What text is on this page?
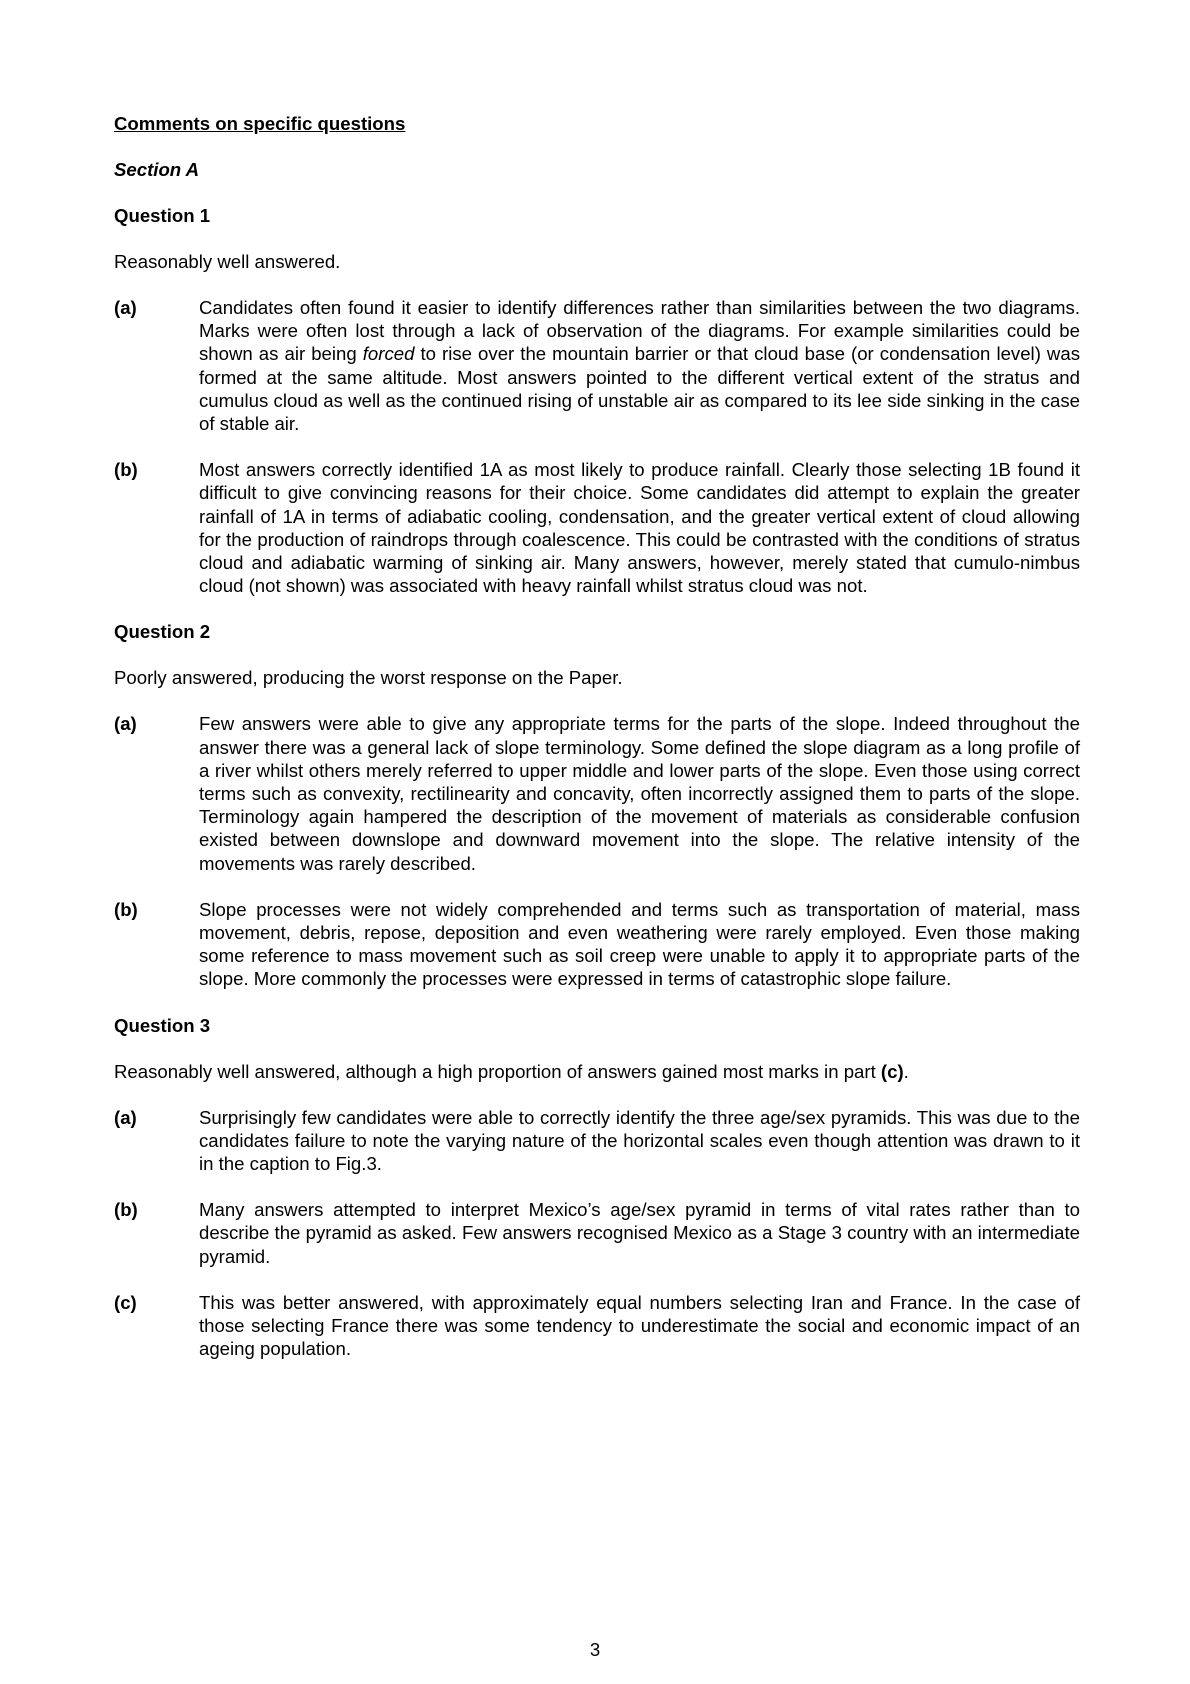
Comments on specific questions

Section A

Question 1

Reasonably well answered.

(a)	Candidates often found it easier to identify differences rather than similarities between the two diagrams. Marks were often lost through a lack of observation of the diagrams. For example similarities could be shown as air being forced to rise over the mountain barrier or that cloud base (or condensation level) was formed at the same altitude. Most answers pointed to the different vertical extent of the stratus and cumulus cloud as well as the continued rising of unstable air as compared to its lee side sinking in the case of stable air.

(b)	Most answers correctly identified 1A as most likely to produce rainfall. Clearly those selecting 1B found it difficult to give convincing reasons for their choice. Some candidates did attempt to explain the greater rainfall of 1A in terms of adiabatic cooling, condensation, and the greater vertical extent of cloud allowing for the production of raindrops through coalescence. This could be contrasted with the conditions of stratus cloud and adiabatic warming of sinking air. Many answers, however, merely stated that cumulo-nimbus cloud (not shown) was associated with heavy rainfall whilst stratus cloud was not.

Question 2

Poorly answered, producing the worst response on the Paper.

(a)	Few answers were able to give any appropriate terms for the parts of the slope. Indeed throughout the answer there was a general lack of slope terminology. Some defined the slope diagram as a long profile of a river whilst others merely referred to upper middle and lower parts of the slope. Even those using correct terms such as convexity, rectilinearity and concavity, often incorrectly assigned them to parts of the slope. Terminology again hampered the description of the movement of materials as considerable confusion existed between downslope and downward movement into the slope. The relative intensity of the movements was rarely described.

(b)	Slope processes were not widely comprehended and terms such as transportation of material, mass movement, debris, repose, deposition and even weathering were rarely employed. Even those making some reference to mass movement such as soil creep were unable to apply it to appropriate parts of the slope. More commonly the processes were expressed in terms of catastrophic slope failure.

Question 3

Reasonably well answered, although a high proportion of answers gained most marks in part (c).

(a)	Surprisingly few candidates were able to correctly identify the three age/sex pyramids. This was due to the candidates failure to note the varying nature of the horizontal scales even though attention was drawn to it in the caption to Fig.3.

(b)	Many answers attempted to interpret Mexico’s age/sex pyramid in terms of vital rates rather than to describe the pyramid as asked. Few answers recognised Mexico as a Stage 3 country with an intermediate pyramid.

(c)	This was better answered, with approximately equal numbers selecting Iran and France. In the case of those selecting France there was some tendency to underestimate the social and economic impact of an ageing population.

3
